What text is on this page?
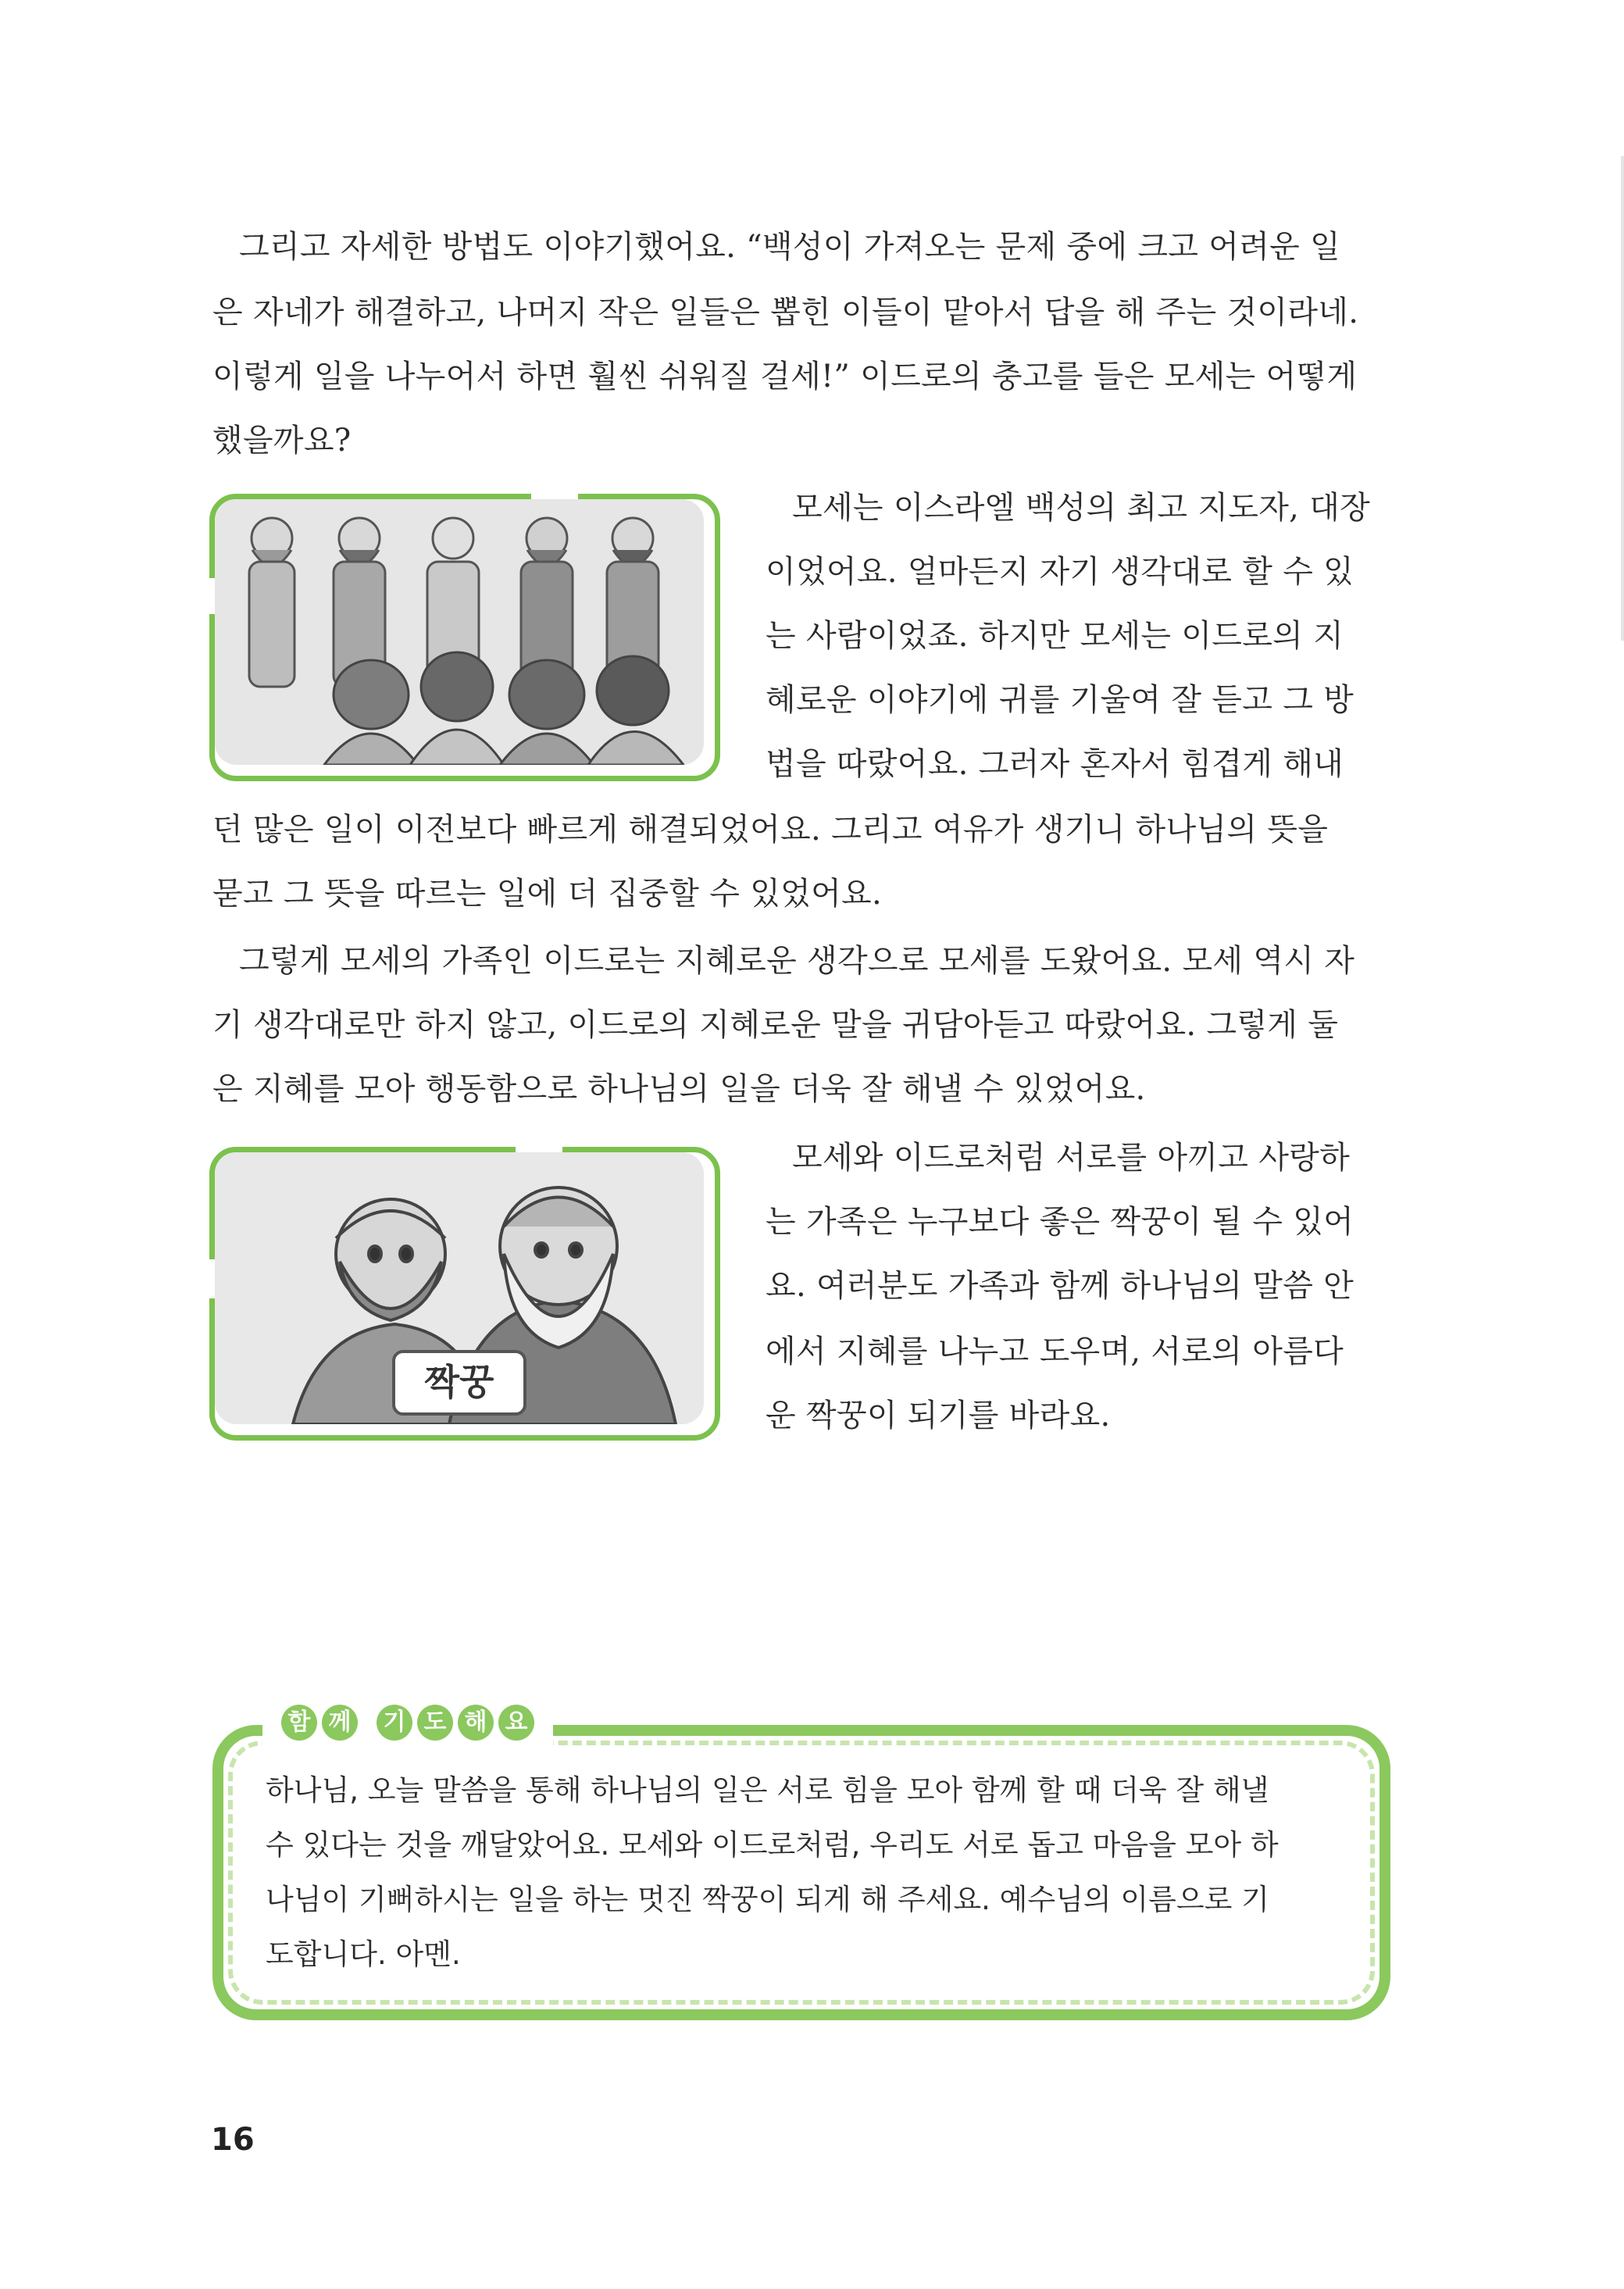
그리고 자세한 방법도 이야기했어요. “백성이 가져오는 문제 중에 크고 어려운 일
은 자네가 해결하고, 나머지 작은 일들은 뽑힌 이들이 맡아서 답을 해 주는 것이라네.
이렇게 일을 나누어서 하면 훨씬 쉬워질 걸세!” 이드로의 충고를 들은 모세는 어떻게
했을까요?
모세는 이스라엘 백성의 최고 지도자, 대장
이었어요. 얼마든지 자기 생각대로 할 수 있
는 사람이었죠. 하지만 모세는 이드로의 지
혜로운 이야기에 귀를 기울여 잘 듣고 그 방
법을 따랐어요. 그러자 혼자서 힘겹게 해내
던 많은 일이 이전보다 빠르게 해결되었어요. 그리고 여유가 생기니 하나님의 뜻을
묻고 그 뜻을 따르는 일에 더 집중할 수 있었어요.
그렇게 모세의 가족인 이드로는 지혜로운 생각으로 모세를 도왔어요. 모세 역시 자
기 생각대로만 하지 않고, 이드로의 지혜로운 말을 귀담아듣고 따랐어요. 그렇게 둘
은 지혜를 모아 행동함으로 하나님의 일을 더욱 잘 해낼 수 있었어요.
짝꿍
모세와 이드로처럼 서로를 아끼고 사랑하
는 가족은 누구보다 좋은 짝꿍이 될 수 있어
요. 여러분도 가족과 함께 하나님의 말씀 안
에서 지혜를 나누고 도우며, 서로의 아름다
운 짝꿍이 되기를 바라요.
함 께 기 도 해 요
하나님, 오늘 말씀을 통해 하나님의 일은 서로 힘을 모아 함께 할 때 더욱 잘 해낼
수 있다는 것을 깨달았어요. 모세와 이드로처럼, 우리도 서로 돕고 마음을 모아 하
나님이 기뻐하시는 일을 하는 멋진 짝꿍이 되게 해 주세요. 예수님의 이름으로 기
도합니다. 아멘.
16
